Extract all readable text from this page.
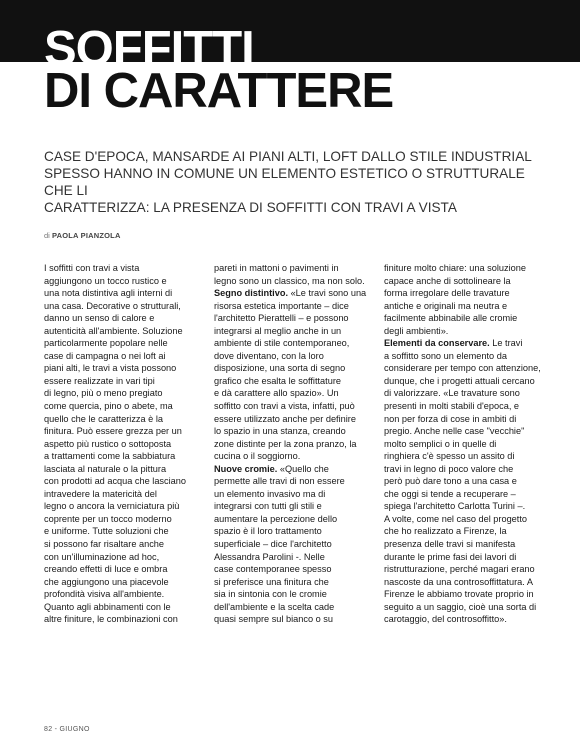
SOFFITTI

DI CARATTERE

CASE D'EPOCA, MANSARDE AI PIANI ALTI, LOFT DALLO STILE INDUSTRIAL
SPESSO HANNO IN COMUNE UN ELEMENTO ESTETICO O STRUTTURALE CHE LI
CARATTERIZZA: LA PRESENZA DI SOFFITTI CON TRAVI A VISTA
di PAOLA PIANZOLA
I soffitti con travi a vista
aggiungono un tocco rustico e
una nota distintiva agli interni di
una casa. Decorative o strutturali,
danno un senso di calore e
autenticità all'ambiente. Soluzione
particolarmente popolare nelle
case di campagna o nei loft ai
piani alti, le travi a vista possono
essere realizzate in vari tipi
di legno, più o meno pregiato
come quercia, pino o abete, ma
quello che le caratterizza è la
finitura. Può essere grezza per un
aspetto più rustico o sottoposta
a trattamenti come la sabbiatura
lasciata al naturale o la pittura
con prodotti ad acqua che lasciano
intravedere la matericità del
legno o ancora la verniciatura più
coprente per un tocco moderno
e uniforme. Tutte soluzioni che
si possono far risaltare anche
con un'illuminazione ad hoc,
creando effetti di luce e ombra
che aggiungono una piacevole
profondità visiva all'ambiente.
Quanto agli abbinamenti con le
altre finiture, le combinazioni con
pareti in mattoni o pavimenti in
legno sono un classico, ma non solo.
Segno distintivo. «Le travi sono una
risorsa estetica importante – dice
l'architetto Pierattelli – e possono
integrarsi al meglio anche in un
ambiente di stile contemporaneo,
dove diventano, con la loro
disposizione, una sorta di segno
grafico che esalta le soffittature
e dà carattere allo spazio». Un
soffitto con travi a vista, infatti, può
essere utilizzato anche per definire
lo spazio in una stanza, creando
zone distinte per la zona pranzo, la
cucina o il soggiorno.
Nuove cromie. «Quello che
permette alle travi di non essere
un elemento invasivo ma di
integrarsi con tutti gli stili e
aumentare la percezione dello
spazio è il loro trattamento
superficiale – dice l'architetto
Alessandra Parolini -. Nelle
case contemporanee spesso
si preferisce una finitura che
sia in sintonia con le cromie
dell'ambiente e la scelta cade
quasi sempre sul bianco o su
finiture molto chiare: una soluzione
capace anche di sottolineare la
forma irregolare delle travature
antiche e originali ma neutra e
facilmente abbinabile alle cromie
degli ambienti».
Elementi da conservare. Le travi
a soffitto sono un elemento da
considerare per tempo con attenzione,
dunque, che i progetti attuali cercano
di valorizzare. «Le travature sono
presenti in molti stabili d'epoca, e
non per forza di cose in ambiti di
pregio. Anche nelle case "vecchie"
molto semplici o in quelle di
ringhiera c'è spesso un assito di
travi in legno di poco valore che
però può dare tono a una casa e
che oggi si tende a recuperare –
spiega l'architetto Carlotta Turini –.
A volte, come nel caso del progetto
che ho realizzato a Firenze, la
presenza delle travi si manifesta
durante le prime fasi dei lavori di
ristrutturazione, perché magari erano
nascoste da una controsoffittatura. A
Firenze le abbiamo trovate proprio in
seguito a un saggio, cioè una sorta di
carotaggio, del controsoffitto».
82 - GIUGNO
